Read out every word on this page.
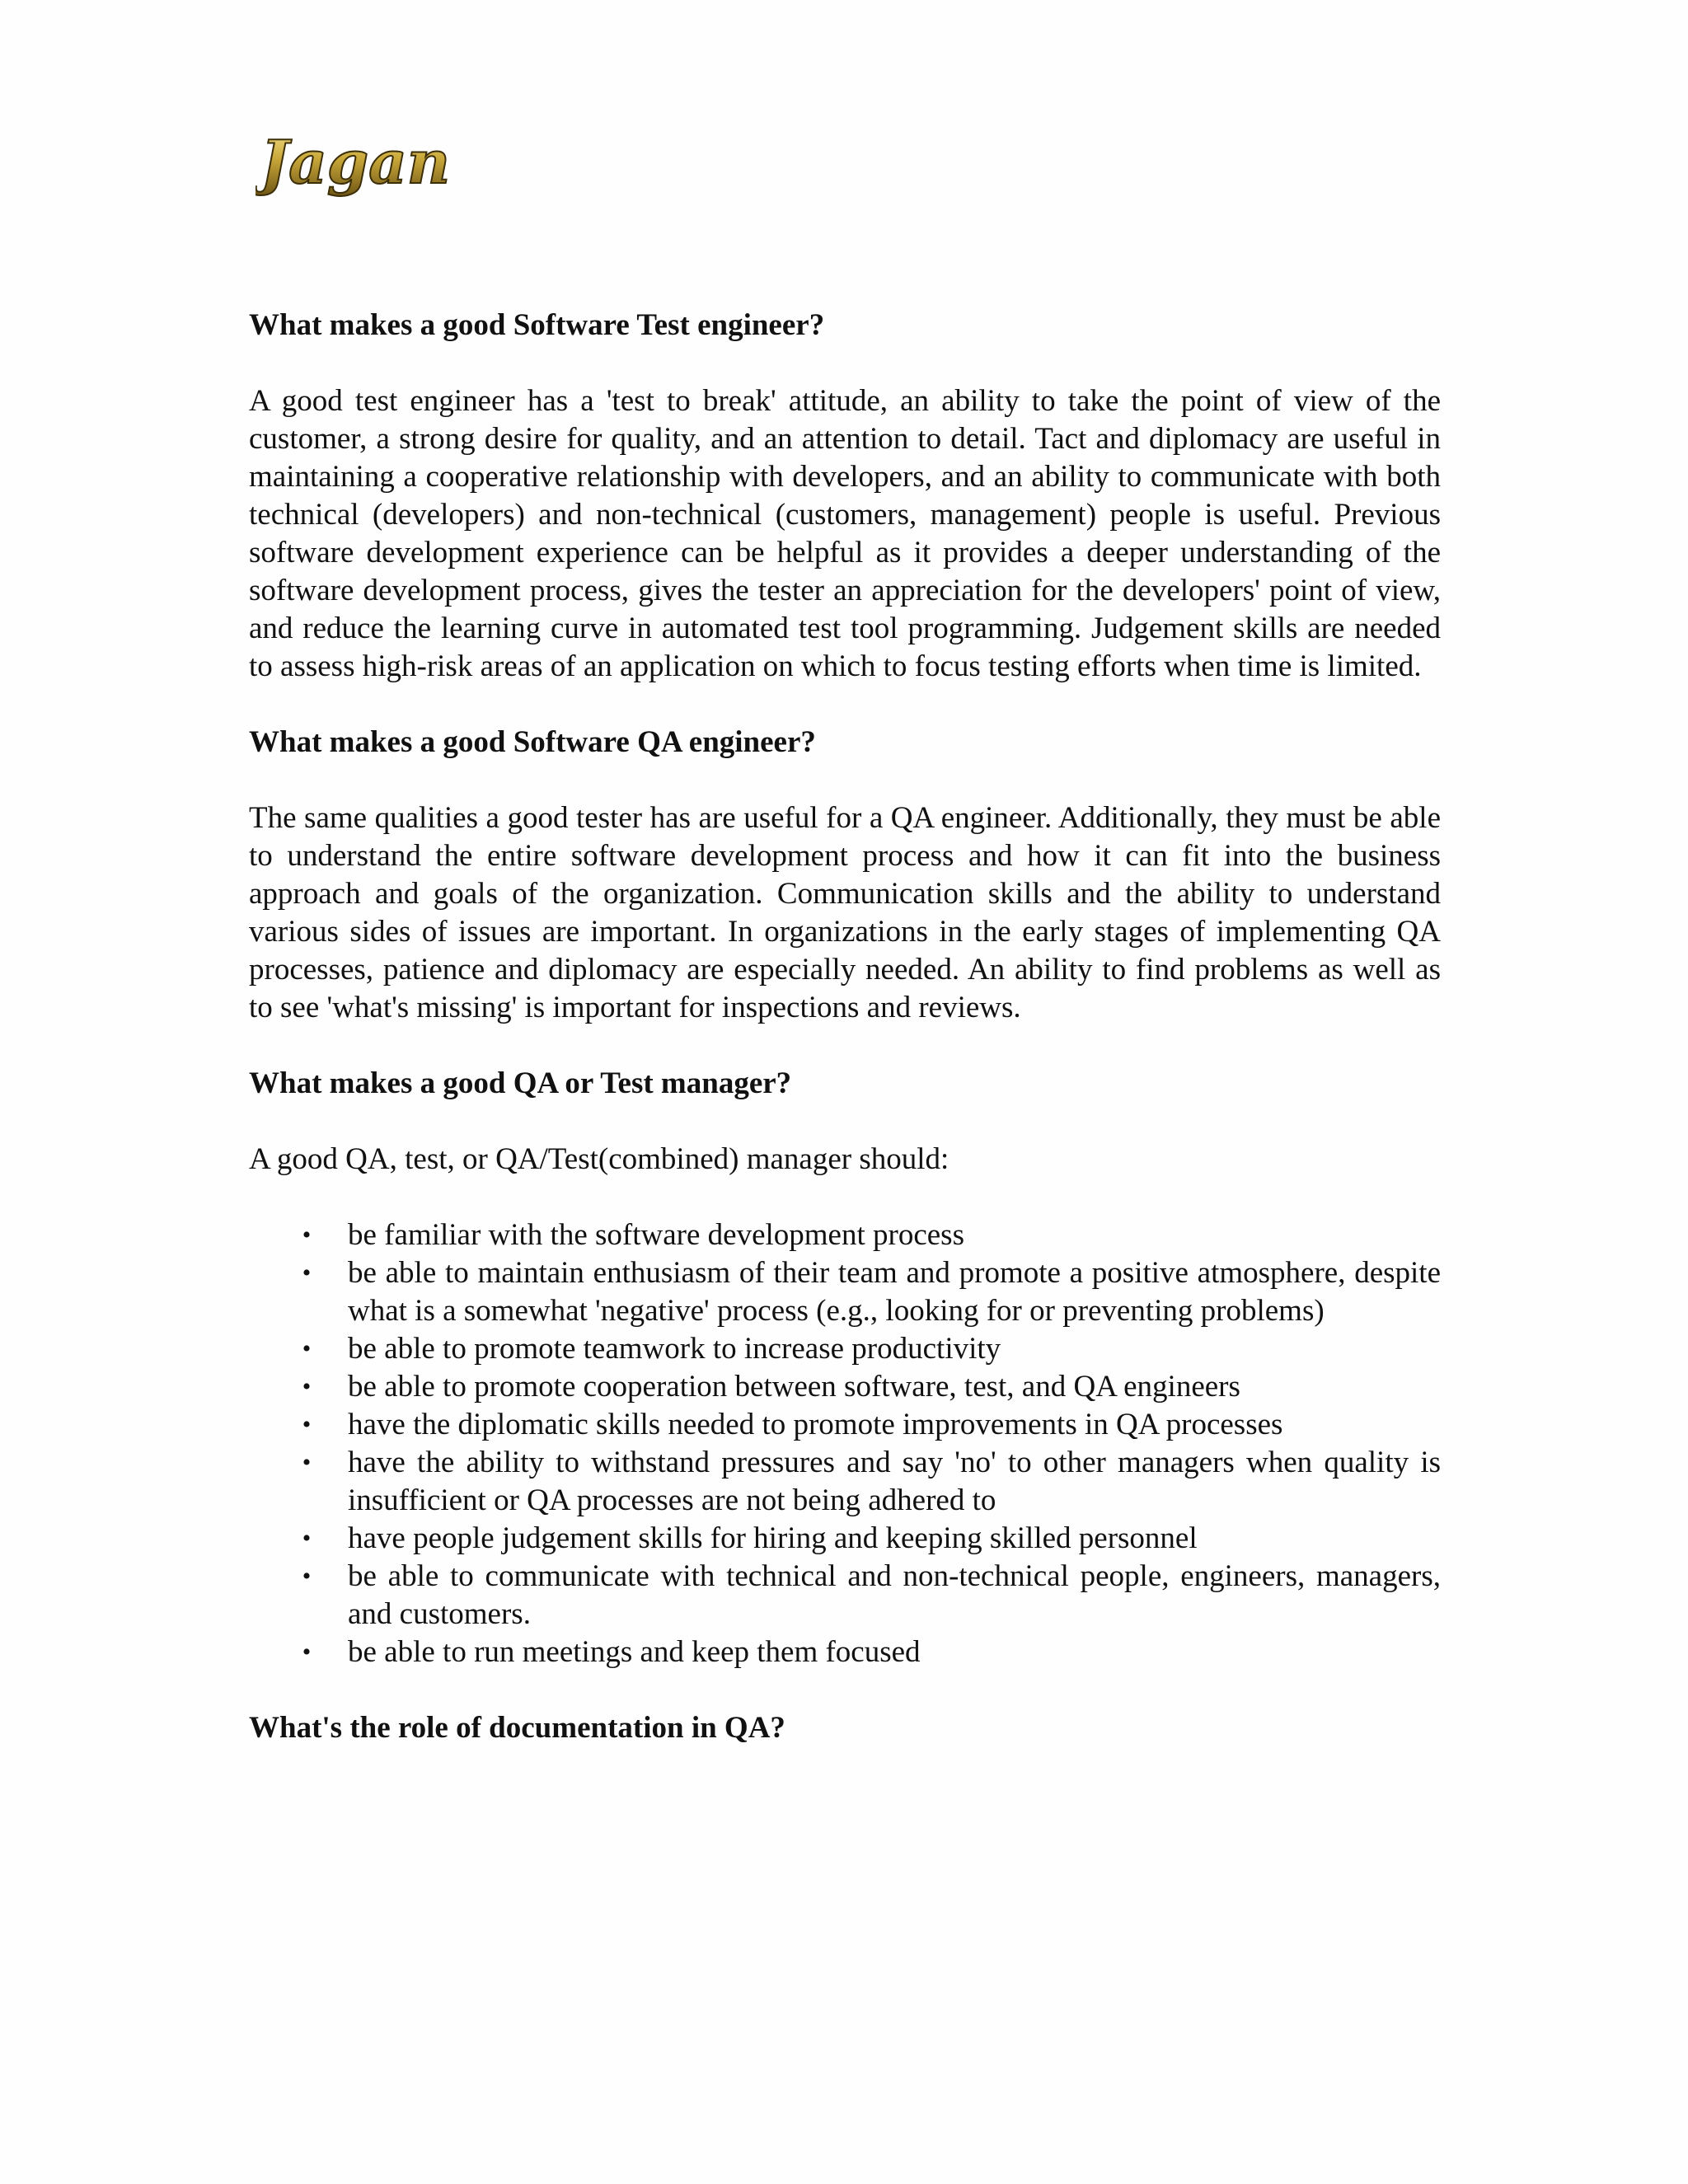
Jagan
What makes a good Software Test engineer?

A good test engineer has a 'test to break' attitude, an ability to take the point of view of the customer, a strong desire for quality, and an attention to detail. Tact and diplomacy are useful in maintaining a cooperative relationship with developers, and an ability to communicate with both technical (developers) and non-technical (customers, management) people is useful. Previous software development experience can be helpful as it provides a deeper understanding of the software development process, gives the tester an appreciation for the developers' point of view, and reduce the learning curve in automated test tool programming. Judgement skills are needed to assess high-risk areas of an application on which to focus testing efforts when time is limited.

What makes a good Software QA engineer?

The same qualities a good tester has are useful for a QA engineer. Additionally, they must be able to understand the entire software development process and how it can fit into the business approach and goals of the organization. Communication skills and the ability to understand various sides of issues are important. In organizations in the early stages of implementing QA processes, patience and diplomacy are especially needed. An ability to find problems as well as to see 'what's missing' is important for inspections and reviews.

What makes a good QA or Test manager?

A good QA, test, or QA/Test(combined) manager should:

• be familiar with the software development process
• be able to maintain enthusiasm of their team and promote a positive atmosphere, despite what is a somewhat 'negative' process (e.g., looking for or preventing problems)
• be able to promote teamwork to increase productivity
• be able to promote cooperation between software, test, and QA engineers
• have the diplomatic skills needed to promote improvements in QA processes
• have the ability to withstand pressures and say 'no' to other managers when quality is insufficient or QA processes are not being adhered to
• have people judgement skills for hiring and keeping skilled personnel
• be able to communicate with technical and non-technical people, engineers, managers, and customers.
• be able to run meetings and keep them focused
What's the role of documentation in QA?
